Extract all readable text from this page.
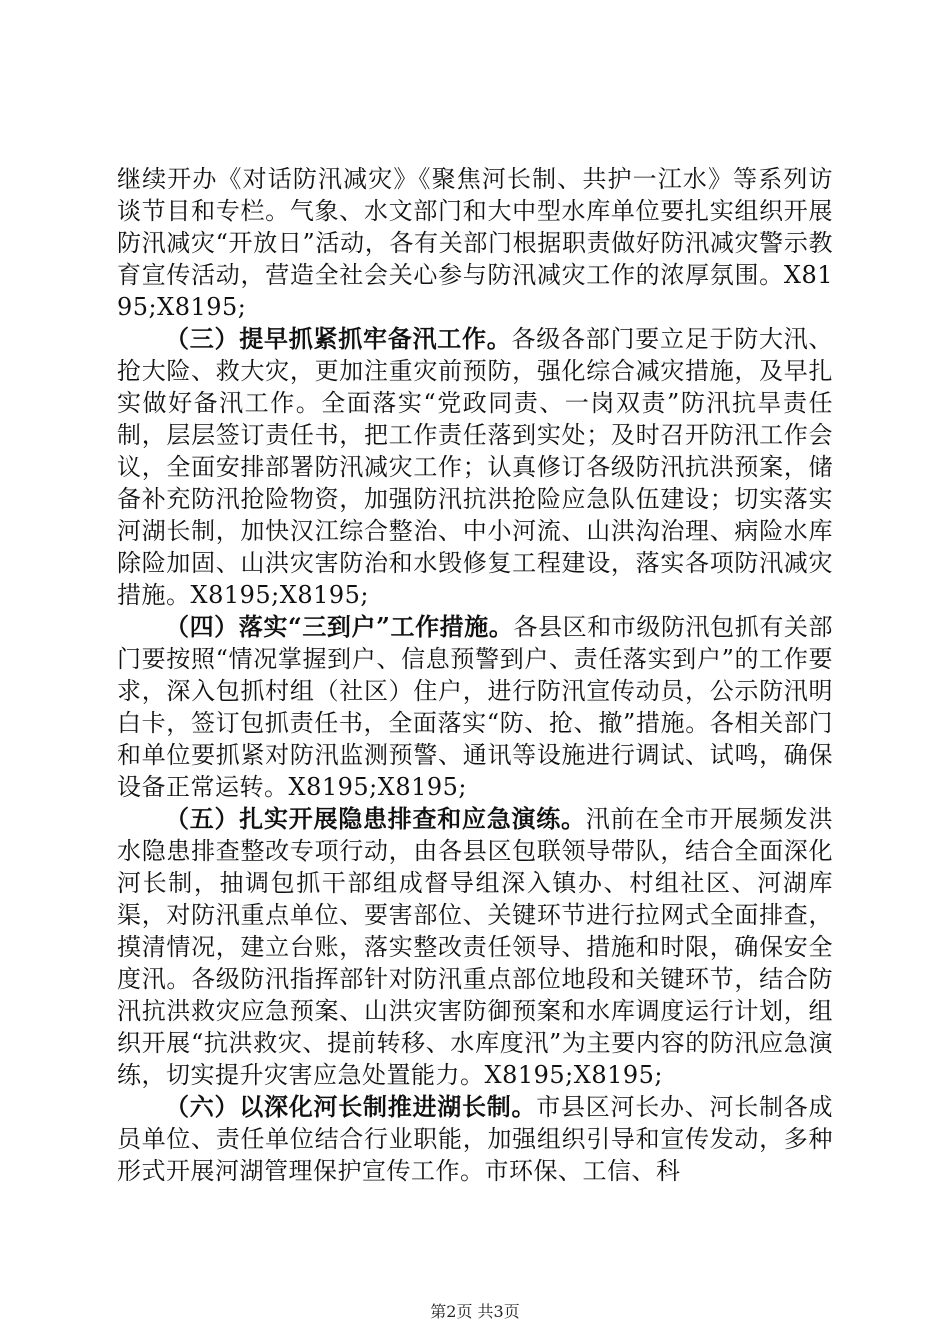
继续开办《对话防汛减灾》《聚焦河长制、共护一江水》等系列访谈节目和专栏。气象、水文部门和大中型水库单位要扎实组织开展防汛减灾“开放日”活动，各有关部门根据职责做好防汛减灾警示教育宣传活动，营造全社会关心参与防汛减灾工作的浓厚氛围。X8195;X8195;

（三）提早抓紧抓牢备汛工作。各级各部门要立足于防大汛、抢大险、救大灾，更加注重灾前预防，强化综合减灾措施，及早扎实做好备汛工作。全面落实“党政同责、一岗双责”防汛抗旱责任制，层层签订责任书，把工作责任落到实处；及时召开防汛工作会议，全面安排部署防汛减灾工作；认真修订各级防汛抗洪预案，储备补充防汛抢险物资，加强防汛抗洪抢险应急队伍建设；切实落实河湖长制，加快汉江综合整治、中小河流、山洪沟治理、病险水库除险加固、山洪灾害防治和水毁修复工程建设，落实各项防汛减灾措施。X8195;X8195;

（四）落实“三到户”工作措施。各县区和市级防汛包抓有关部门要按照“情况掌握到户、信息预警到户、责任落实到户”的工作要求，深入包抓村组（社区）住户，进行防汛宣传动员，公示防汛明白卡，签订包抓责任书，全面落实“防、抢、撤”措施。各相关部门和单位要抓紧对防汛监测预警、通讯等设施进行调试、试鸣，确保设备正常运转。X8195;X8195;

（五）扎实开展隐患排查和应急演练。汛前在全市开展频发洪水隐患排查整改专项行动，由各县区包联领导带队，结合全面深化河长制，抽调包抓干部组成督导组深入镇办、村组社区、河湖库渠，对防汛重点单位、要害部位、关键环节进行拉网式全面排查，摸清情况，建立台账，落实整改责任领导、措施和时限，确保安全度汛。各级防汛指挥部针对防汛重点部位地段和关键环节，结合防汛抗洪救灾应急预案、山洪灾害防御预案和水库调度运行计划，组织开展“抗洪救灾、提前转移、水库度汛”为主要内容的防汛应急演练，切实提升灾害应急处置能力。X8195;X8195;

（六）以深化河长制推进湖长制。市县区河长办、河长制各成员单位、责任单位结合行业职能，加强组织引导和宣传发动，多种形式开展河湖管理保护宣传工作。市环保、工信、科

第2页 共3页
